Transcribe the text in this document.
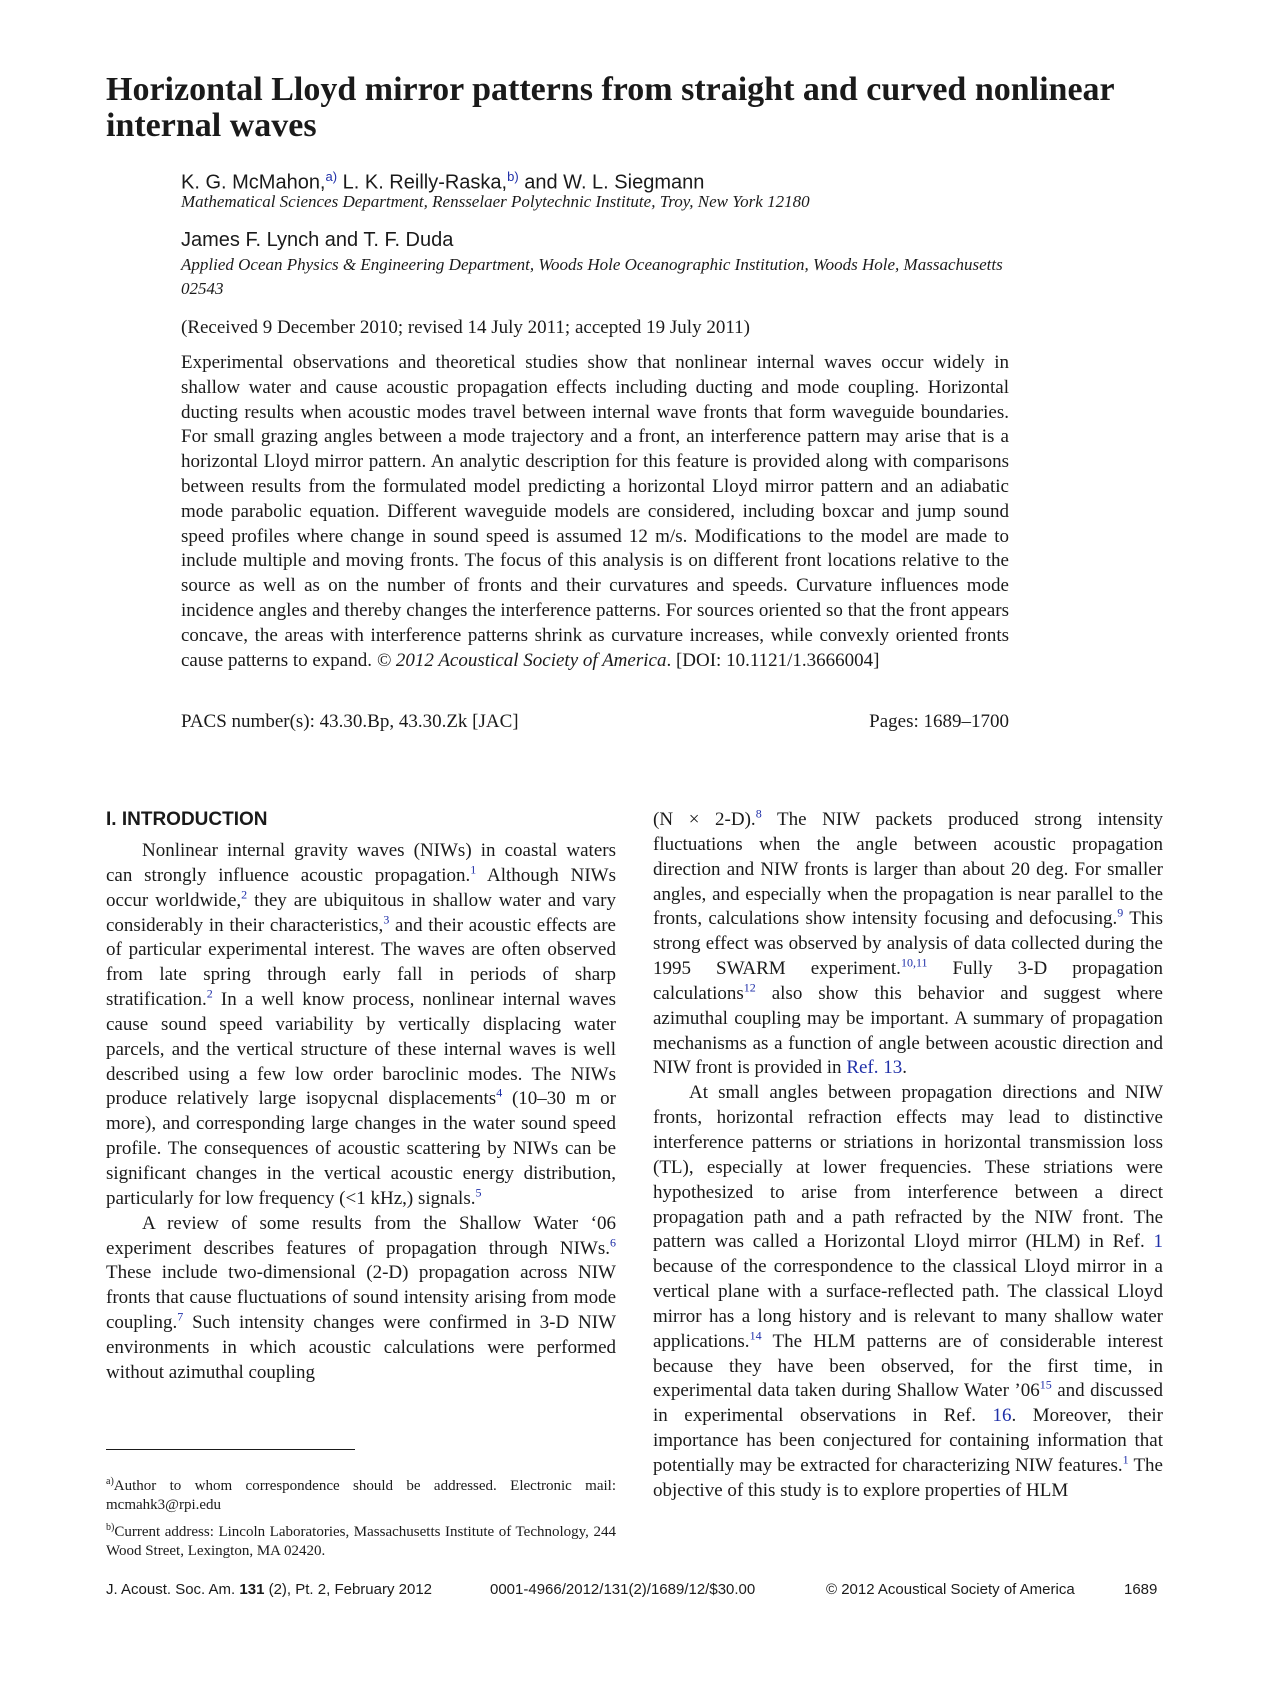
Horizontal Lloyd mirror patterns from straight and curved nonlinear internal waves
K. G. McMahon,$^{a)}$ L. K. Reilly-Raska,$^{b)}$ and W. L. Siegmann
Mathematical Sciences Department, Rensselaer Polytechnic Institute, Troy, New York 12180
James F. Lynch and T. F. Duda
Applied Ocean Physics & Engineering Department, Woods Hole Oceanographic Institution, Woods Hole, Massachusetts 02543
(Received 9 December 2010; revised 14 July 2011; accepted 19 July 2011)

Experimental observations and theoretical studies show that nonlinear internal waves occur widely in shallow water and cause acoustic propagation effects including ducting and mode coupling. Horizontal ducting results when acoustic modes travel between internal wave fronts that form waveguide boundaries. For small grazing angles between a mode trajectory and a front, an interference pattern may arise that is a horizontal Lloyd mirror pattern. An analytic description for this feature is provided along with comparisons between results from the formulated model predicting a horizontal Lloyd mirror pattern and an adiabatic mode parabolic equation. Different waveguide models are considered, including boxcar and jump sound speed profiles where change in sound speed is assumed 12 m/s. Modifications to the model are made to include multiple and moving fronts. The focus of this analysis is on different front locations relative to the source as well as on the number of fronts and their curvatures and speeds. Curvature influences mode incidence angles and thereby changes the interference patterns. For sources oriented so that the front appears concave, the areas with interference patterns shrink as curvature increases, while convexly oriented fronts cause patterns to expand. © 2012 Acoustical Society of America. [DOI: 10.1121/1.3666004]

PACS number(s): 43.30.Bp, 43.30.Zk [JAC]	Pages: 1689–1700
I. INTRODUCTION

Nonlinear internal gravity waves (NIWs) in coastal waters can strongly influence acoustic propagation.$^1$ Although NIWs occur worldwide,$^2$ they are ubiquitous in shallow water and vary considerably in their characteristics,$^3$ and their acoustic effects are of particular experimental interest. The waves are often observed from late spring through early fall in periods of sharp stratification.$^2$ In a well know process, nonlinear internal waves cause sound speed variability by vertically displacing water parcels, and the vertical structure of these internal waves is well described using a few low order baroclinic modes. The NIWs produce relatively large isopycnal displacements$^4$ (10–30 m or more), and corresponding large changes in the water sound speed profile. The consequences of acoustic scattering by NIWs can be significant changes in the vertical acoustic energy distribution, particularly for low frequency (<1 kHz,) signals.$^5$

A review of some results from the Shallow Water ‘06 experiment describes features of propagation through NIWs.$^6$ These include two-dimensional (2-D) propagation across NIW fronts that cause fluctuations of sound intensity arising from mode coupling.$^7$ Such intensity changes were confirmed in 3-D NIW environments in which acoustic calculations were performed without azimuthal coupling

(N × 2-D).$^8$ The NIW packets produced strong intensity fluctuations when the angle between acoustic propagation direction and NIW fronts is larger than about 20 deg. For smaller angles, and especially when the propagation is near parallel to the fronts, calculations show intensity focusing and defocusing.$^9$ This strong effect was observed by analysis of data collected during the 1995 SWARM experiment.$^{10,11}$ Fully 3-D propagation calculations$^{12}$ also show this behavior and suggest where azimuthal coupling may be important. A summary of propagation mechanisms as a function of angle between acoustic direction and NIW front is provided in Ref. 13.

At small angles between propagation directions and NIW fronts, horizontal refraction effects may lead to distinctive interference patterns or striations in horizontal transmission loss (TL), especially at lower frequencies. These striations were hypothesized to arise from interference between a direct propagation path and a path refracted by the NIW front. The pattern was called a Horizontal Lloyd mirror (HLM) in Ref. 1 because of the correspondence to the classical Lloyd mirror in a vertical plane with a surface-reflected path. The classical Lloyd mirror has a long history and is relevant to many shallow water applications.$^{14}$ The HLM patterns are of considerable interest because they have been observed, for the first time, in experimental data taken during Shallow Water $’06^{15}$ and discussed in experimental observations in Ref. 16. Moreover, their importance has been conjectured for containing information that potentially may be extracted for characterizing NIW features.$^1$ The objective of this study is to explore properties of HLM

$^{a)}$Author to whom correspondence should be addressed. Electronic mail: mcmahk3@rpi.edu
$^{b)}$Current address: Lincoln Laboratories, Massachusetts Institute of Technology, 244 Wood Street, Lexington, MA 02420.
J. Acoust. Soc. Am. 131 (2), Pt. 2, February 2012	0001-4966/2012/131(2)/1689/12/$30.00	© 2012 Acoustical Society of America	1689
